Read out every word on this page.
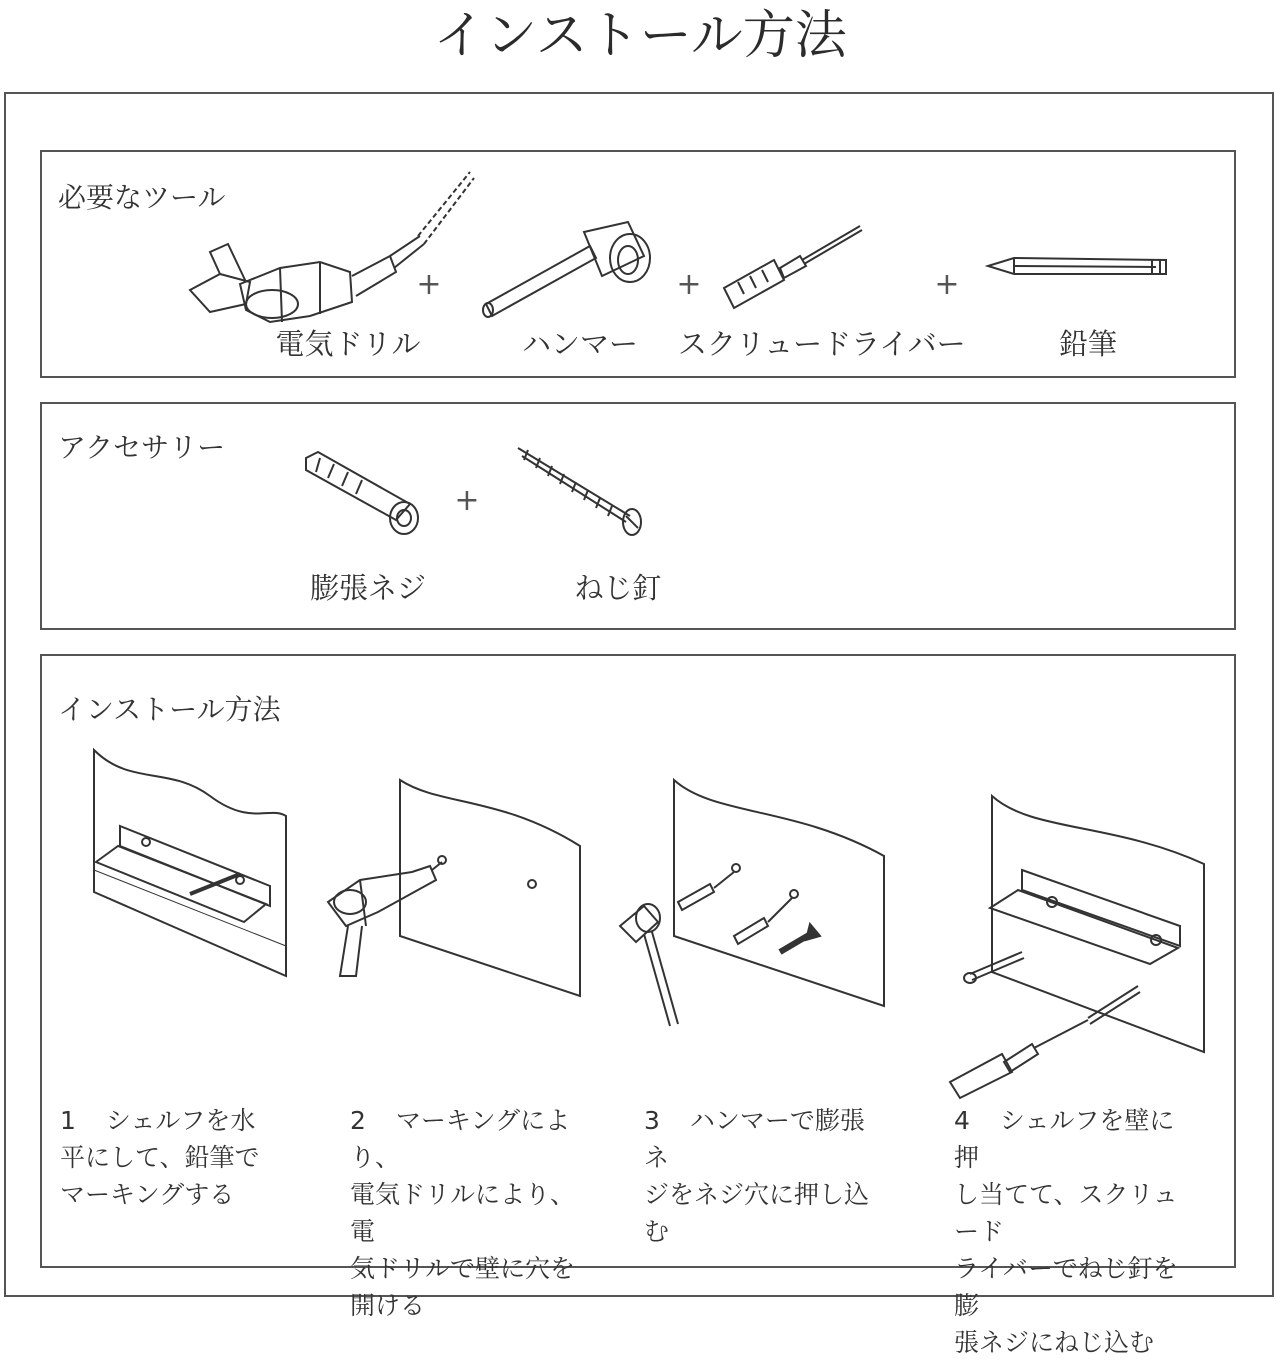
インストール方法
必要なツール
+
電気ドリル
+
ハンマー
+
スクリュードライバー	鉛筆
アクセサリー
+
膨張ネジ	ねじ釘
インストール方法
1 シェルフを水
平にして、鉛筆で
マーキングする
2 マーキングにより、
電気ドリルにより、電
気ドリルで壁に穴を
開ける
3 ハンマーで膨張ネ
ジをネジ穴に押し込む
4 シェルフを壁に押
し当てて、スクリュード
ライバーでねじ釘を膨
張ネジにねじ込む
